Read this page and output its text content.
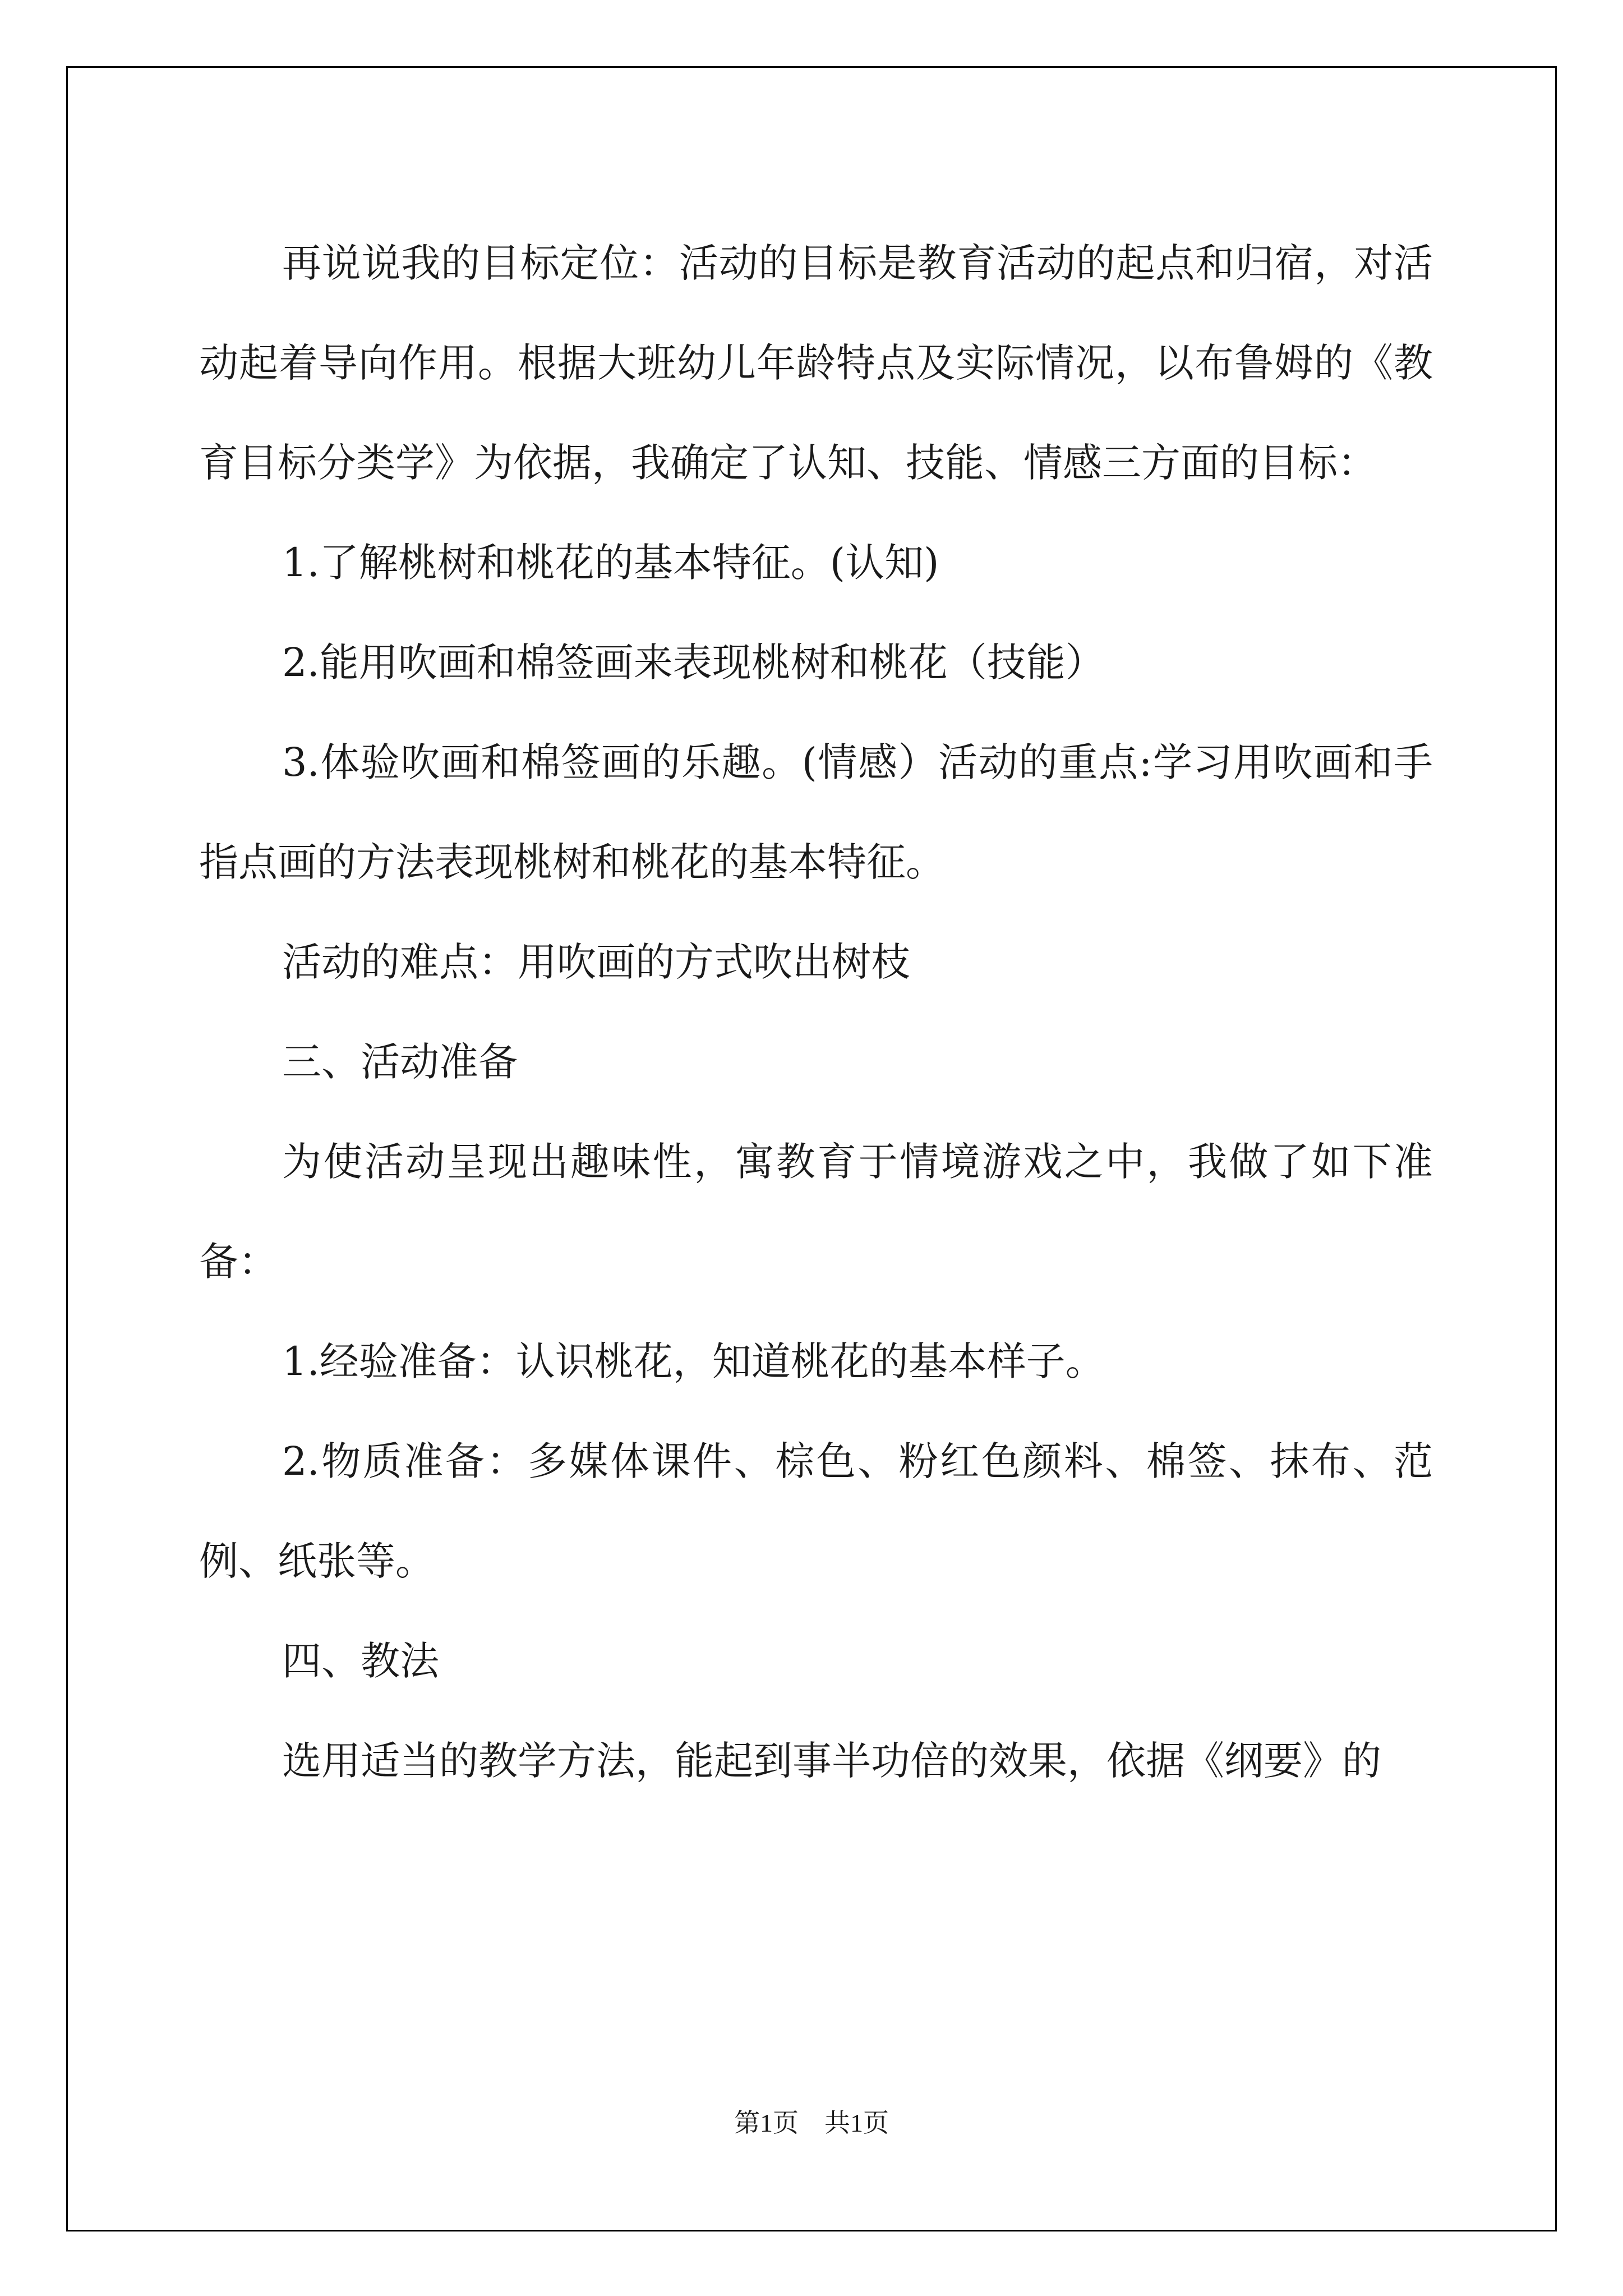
再说说我的目标定位：活动的目标是教育活动的起点和归宿，对活动起着导向作用。根据大班幼儿年龄特点及实际情况，以布鲁姆的《教育目标分类学》为依据，我确定了认知、技能、情感三方面的目标：

1.了解桃树和桃花的基本特征。(认知)

2.能用吹画和棉签画来表现桃树和桃花（技能）

3.体验吹画和棉签画的乐趣。(情感）活动的重点:学习用吹画和手指点画的方法表现桃树和桃花的基本特征。

活动的难点：用吹画的方式吹出树枝

三、活动准备

为使活动呈现出趣味性，寓教育于情境游戏之中，我做了如下准备：

1.经验准备：认识桃花，知道桃花的基本样子。

2.物质准备：多媒体课件、棕色、粉红色颜料、棉签、抹布、范例、纸张等。

四、教法

选用适当的教学方法，能起到事半功倍的效果，依据《纲要》的

第1页 共1页
